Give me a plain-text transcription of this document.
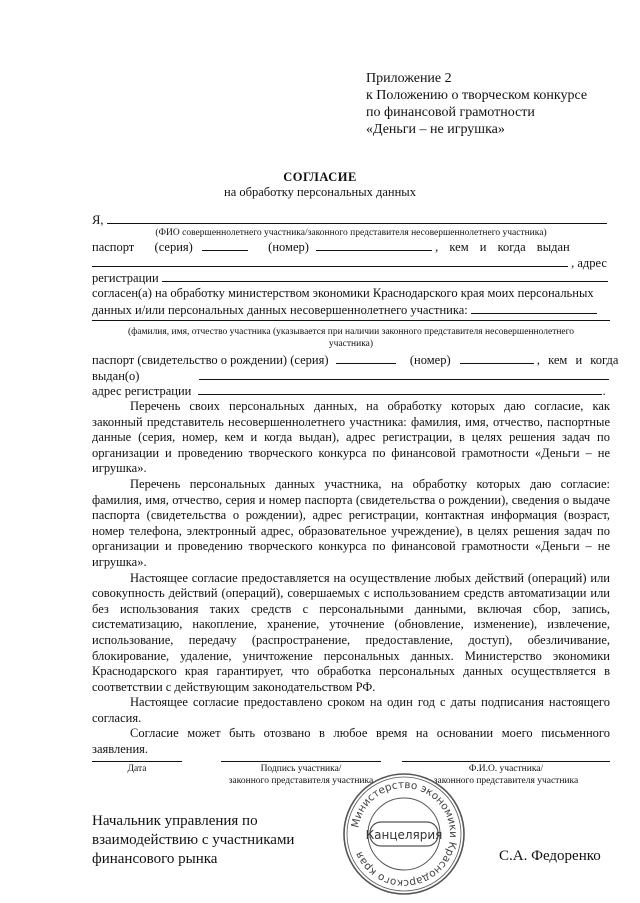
Приложение 2
к Положению о творческом конкурсе
по финансовой грамотности
«Деньги – не игрушка»
СОГЛАСИЕ
на обработку персональных данных
Я,
(ФИО совершеннолетнего участника/законного представителя несовершеннолетнего участника)
паспорт (серия)	(номер)	, кем и когда выдан
, адрес
регистрации
согласен(а) на обработку министерством экономики Краснодарского края моих персональных
данных и/или персональных данных несовершеннолетнего участника:
(фамилия, имя, отчество участника (указывается при наличии законного представителя несовершеннолетнего
участника)
паспорт (свидетельство о рождении) (серия)	(номер)	, кем и когда
выдан(о)
адрес регистрации	.

Перечень своих персональных данных, на обработку которых даю согласие, как законный представитель несовершеннолетнего участника: фамилия, имя, отчество, паспортные данные (серия, номер, кем и когда выдан), адрес регистрации, в целях решения задач по организации и проведению творческого конкурса по финансовой грамотности «Деньги – не игрушка».

Перечень персональных данных участника, на обработку которых даю согласие: фамилия, имя, отчество, серия и номер паспорта (свидетельства о рождении), сведения о выдаче паспорта (свидетельства о рождении), адрес регистрации, контактная информация (возраст, номер телефона, электронный адрес, образовательное учреждение), в целях решения задач по организации и проведению творческого конкурса по финансовой грамотности «Деньги – не игрушка».

Настоящее согласие предоставляется на осуществление любых действий (операций) или совокупность действий (операций), совершаемых с использованием средств автоматизации или без использования таких средств с персональными данными, включая сбор, запись, систематизацию, накопление, хранение, уточнение (обновление, изменение), извлечение, использование, передачу (распространение, предоставление, доступ), обезличивание, блокирование, удаление, уничтожение персональных данных. Министерство экономики Краснодарского края гарантирует, что обработка персональных данных осуществляется в соответствии с действующим законодательством РФ.

Настоящее согласие предоставлено сроком на один год с даты подписания настоящего согласия.

Согласие может быть отозвано в любое время на основании моего письменного заявления.

Дата	Подпись участника/
законного представителя участника
Ф.И.О. участника/
законного представителя участника
Начальник управления по
взаимодействию с участниками
финансового рынка	С.А. Федоренко
Министерство экономики Краснодарского края
Канцелярия
